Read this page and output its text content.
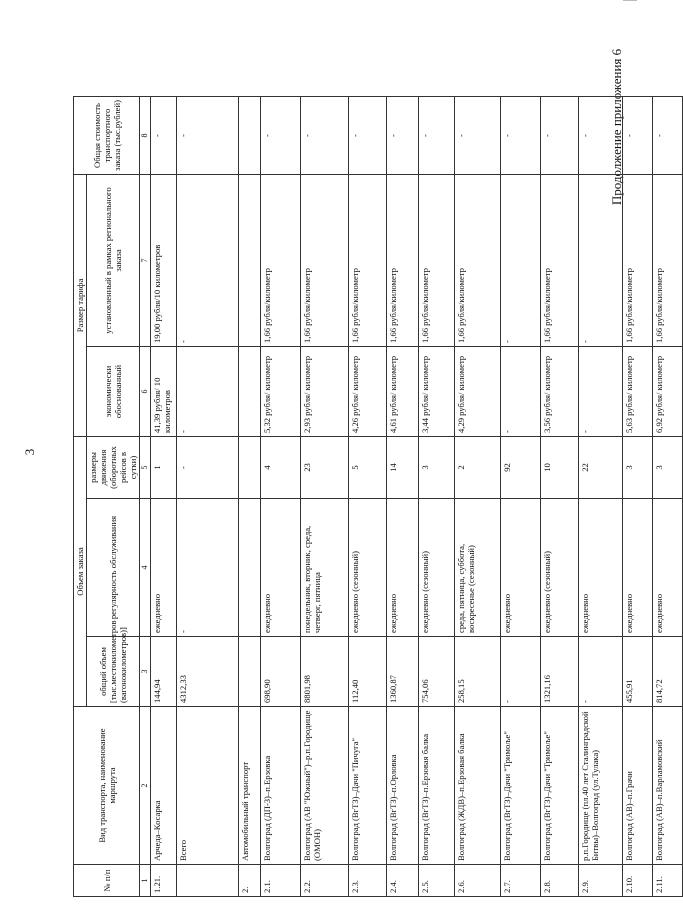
3
Продолжение приложения 6
№ п/п	Вид транспорта, наименование маршрута	Объем заказа			Размер тарифа		Общая стоимость транспортного заказа (тыс.рублей)
		общий объем [тыс.местокилометров (вагонокилометров)]	регулярность обслуживания	размеры движения (оборотных рейсов в сутки)	экономически обоснованный	установленный в рамках регионального заказа	
1	2	3	4	5	6	7	8
1.21.	Арчеда–Косарка	144,94	ежедневно	1	41,39 рубля/ 10 километров	19,00 рубля/10 километров	-
	Всего	4312,33	-	-	-	-	-
2.	Автомобильный транспорт						
2.1.	Волгоград (ДП-3)–п.Ерзовка	698,90	ежедневно	4	5,32 рубля/ километр	1,66 рубля/километр	-
2.2.	Волгоград (АВ "Южный")–р.п.Городище (ОМОН)	8801,98	понедельник, вторник, среда, четверг, пятница	23	2,93 рубля/ километр	1,66 рубля/километр	-
2.3.	Волгоград (ВгТЗ)–Дачи "Пичуга"	112,40	ежедневно (сезонный)	5	4,26 рубля/ километр	1,66 рубля/километр	-
2.4.	Волгоград (ВгТЗ)–п.Орловка	1360,87	ежедневно	14	4,61 рубля/ километр	1,66 рубля/километр	-
2.5.	Волгоград (ВгТЗ)–п.Ерзовая балка	754,06	ежедневно (сезонный)	3	3,44 рубля/ километр	1,66 рубля/километр	-
2.6.	Волгоград (ЖДВ)–п.Ерзовая балка	258,15	среда, пятница, суббота, воскресенье (сезонный)	2	4,29 рубля/ километр	1,66 рубля/километр	-
2.7.	Волгоград (ВгТЗ)–Дачи "Тримоље"	-	ежедневно	92	-	-	-
2.8.	Волгоград (ВгТЗ)–Дачи "Тримоље"	1321,16	ежедневно (сезонный)	10	3,56 рубля/ километр	1,66 рубля/километр	-
2.9.	р.п.Городище (пл.40 лет Сталинградской Битвы)–Волгоград (ул.Тулака)	-	ежедневно	22	-	-	-
2.10.	Волгоград (АВ)–п.Грачи	455,91	ежедневно	3	5,63 рубля/ километр	1,66 рубля/километр	-
2.11.	Волгоград (АВ)–п.Варламовский	814,72	ежедневно	3	6,92 рубля/ километр	1,66 рубля/километр	-
